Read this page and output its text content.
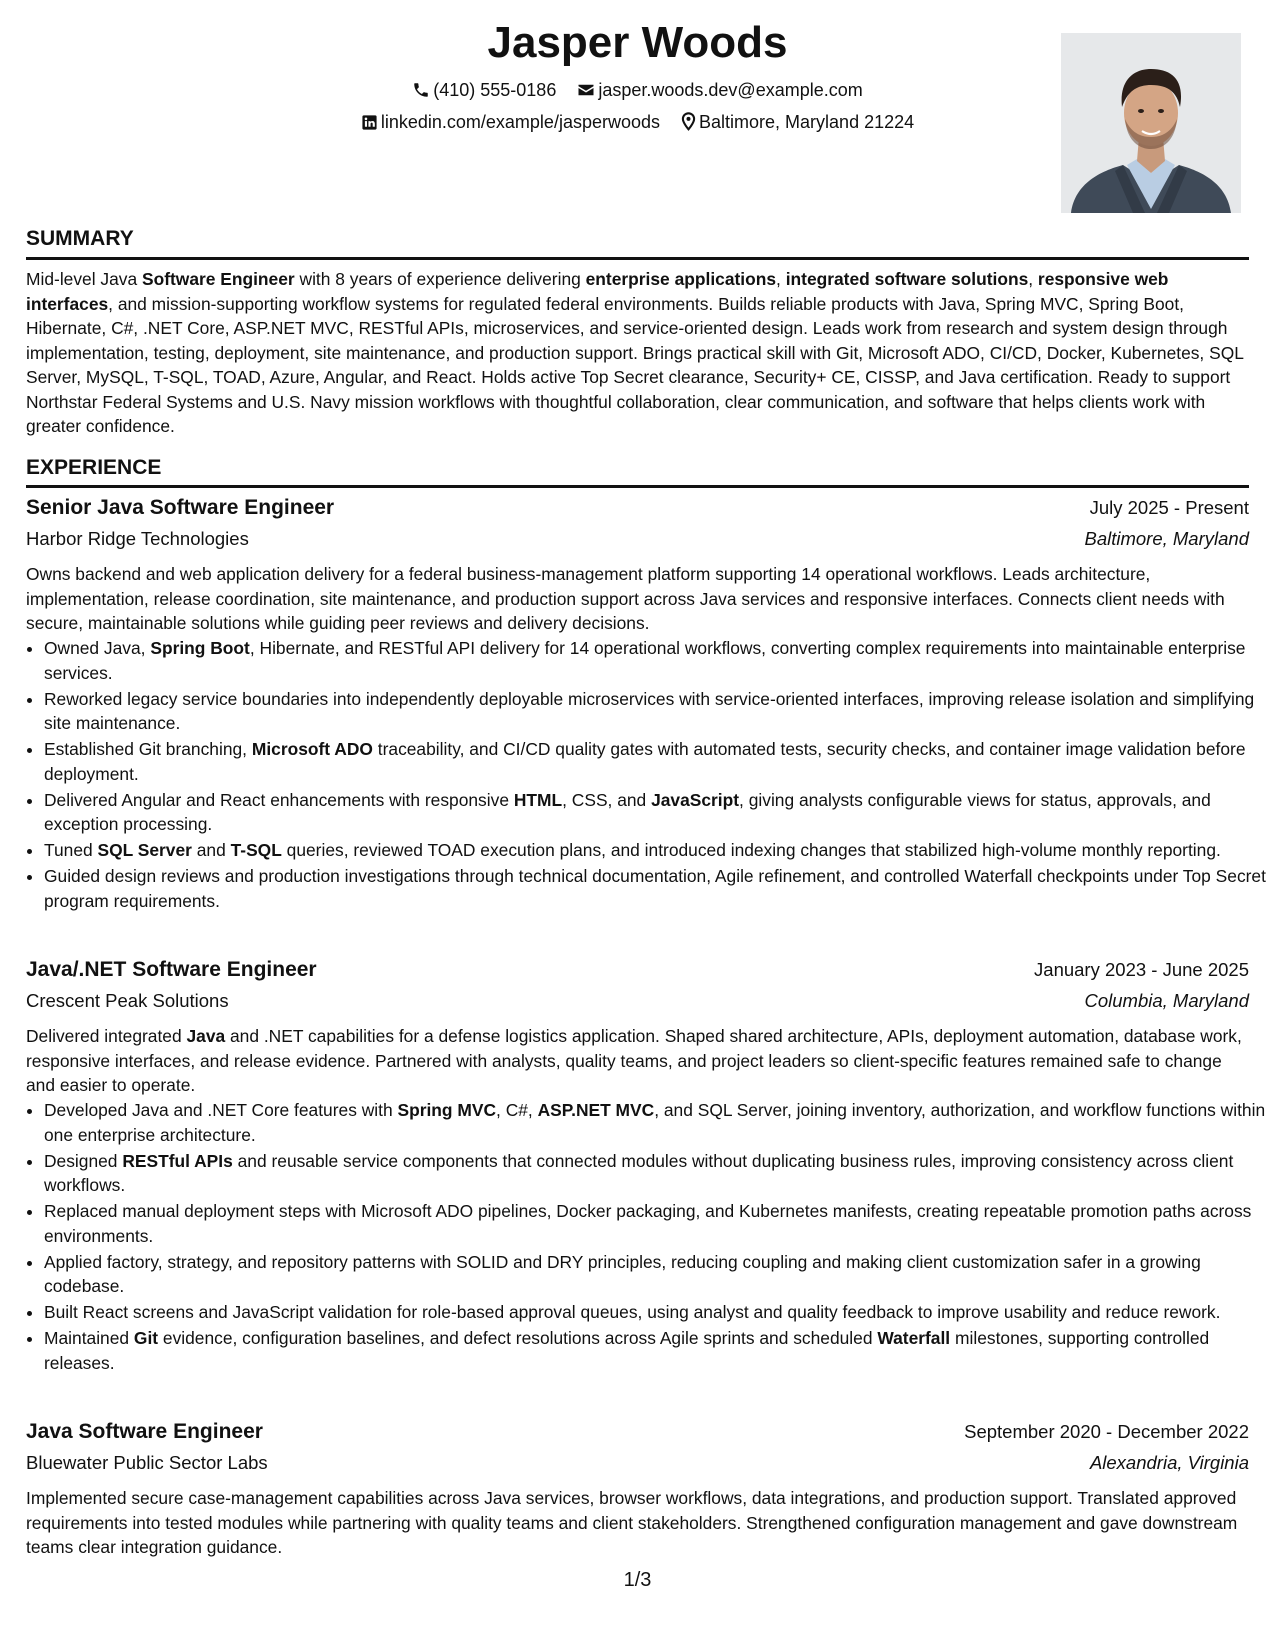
Jasper Woods
(410) 555-0186 jasper.woods.dev@example.com
linkedin.com/example/jasperwoods Baltimore, Maryland 21224
SUMMARY
Mid-level Java Software Engineer with 8 years of experience delivering enterprise applications, integrated software solutions, responsive web interfaces, and mission-supporting workflow systems for regulated federal environments. Builds reliable products with Java, Spring MVC, Spring Boot, Hibernate, C#, .NET Core, ASP.NET MVC, RESTful APIs, microservices, and service-oriented design. Leads work from research and system design through implementation, testing, deployment, site maintenance, and production support. Brings practical skill with Git, Microsoft ADO, CI/CD, Docker, Kubernetes, SQL Server, MySQL, T-SQL, TOAD, Azure, Angular, and React. Holds active Top Secret clearance, Security+ CE, CISSP, and Java certification. Ready to support Northstar Federal Systems and U.S. Navy mission workflows with thoughtful collaboration, clear communication, and software that helps clients work with greater confidence.
EXPERIENCE
Senior Java Software Engineer	July 2025 - Present
Harbor Ridge Technologies	Baltimore, Maryland
Owns backend and web application delivery for a federal business-management platform supporting 14 operational workflows. Leads architecture, implementation, release coordination, site maintenance, and production support across Java services and responsive interfaces. Connects client needs with secure, maintainable solutions while guiding peer reviews and delivery decisions.
• Owned Java, Spring Boot, Hibernate, and RESTful API delivery for 14 operational workflows, converting complex requirements into maintainable enterprise services.
• Reworked legacy service boundaries into independently deployable microservices with service-oriented interfaces, improving release isolation and simplifying site maintenance.
• Established Git branching, Microsoft ADO traceability, and CI/CD quality gates with automated tests, security checks, and container image validation before deployment.
• Delivered Angular and React enhancements with responsive HTML, CSS, and JavaScript, giving analysts configurable views for status, approvals, and exception processing.
• Tuned SQL Server and T-SQL queries, reviewed TOAD execution plans, and introduced indexing changes that stabilized high-volume monthly reporting.
• Guided design reviews and production investigations through technical documentation, Agile refinement, and controlled Waterfall checkpoints under Top Secret program requirements.
Java/.NET Software Engineer	January 2023 - June 2025
Crescent Peak Solutions	Columbia, Maryland
Delivered integrated Java and .NET capabilities for a defense logistics application. Shaped shared architecture, APIs, deployment automation, database work, responsive interfaces, and release evidence. Partnered with analysts, quality teams, and project leaders so client-specific features remained safe to change and easier to operate.
• Developed Java and .NET Core features with Spring MVC, C#, ASP.NET MVC, and SQL Server, joining inventory, authorization, and workflow functions within one enterprise architecture.
• Designed RESTful APIs and reusable service components that connected modules without duplicating business rules, improving consistency across client workflows.
• Replaced manual deployment steps with Microsoft ADO pipelines, Docker packaging, and Kubernetes manifests, creating repeatable promotion paths across environments.
• Applied factory, strategy, and repository patterns with SOLID and DRY principles, reducing coupling and making client customization safer in a growing codebase.
• Built React screens and JavaScript validation for role-based approval queues, using analyst and quality feedback to improve usability and reduce rework.
• Maintained Git evidence, configuration baselines, and defect resolutions across Agile sprints and scheduled Waterfall milestones, supporting controlled releases.
Java Software Engineer	September 2020 - December 2022
Bluewater Public Sector Labs	Alexandria, Virginia
Implemented secure case-management capabilities across Java services, browser workflows, data integrations, and production support. Translated approved requirements into tested modules while partnering with quality teams and client stakeholders. Strengthened configuration management and gave downstream teams clear integration guidance.
1/3
